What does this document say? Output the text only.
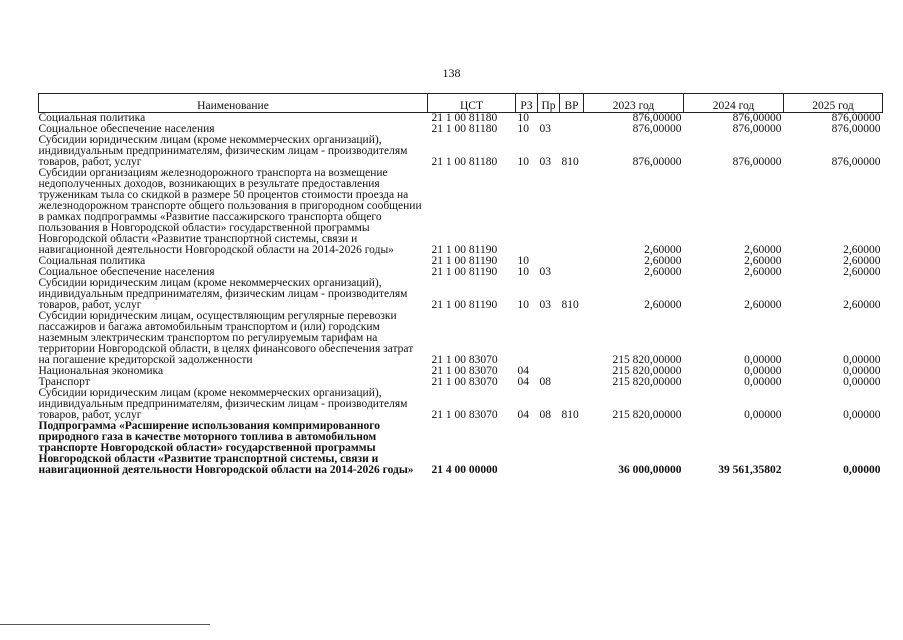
138
Наименование	ЦСТ	РЗ	Пр	ВР	2023 год	2024 год	2025 год
Социальная политика	21 1 00 81180	10			876,00000	876,00000	876,00000
Социальное обеспечение населения	21 1 00 81180	10	03		876,00000	876,00000	876,00000
Субсидии юридическим лицам (кроме некоммерческих организаций), индивидуальным предпринимателям, физическим лицам - производителям товаров, работ, услуг	21 1 00 81180	10	03	810	876,00000	876,00000	876,00000
Субсидии организациям железнодорожного транспорта на возмещение недополученных доходов, возникающих в результате предоставления труженикам тыла со скидкой в размере 50 процентов стоимости проезда на железнодорожном транспорте общего пользования в пригородном сообщении в рамках подпрограммы «Развитие пассажирского транспорта общего пользования в Новгородской области» государственной программы Новгородской области «Развитие транспортной системы, связи и навигационной деятельности Новгородской области на 2014-2026 годы»	21 1 00 81190				2,60000	2,60000	2,60000
Социальная политика	21 1 00 81190	10			2,60000	2,60000	2,60000
Социальное обеспечение населения	21 1 00 81190	10	03		2,60000	2,60000	2,60000
Субсидии юридическим лицам (кроме некоммерческих организаций), индивидуальным предпринимателям, физическим лицам - производителям товаров, работ, услуг	21 1 00 81190	10	03	810	2,60000	2,60000	2,60000
Субсидии юридическим лицам, осуществляющим регулярные перевозки пассажиров и багажа автомобильным транспортом и (или) городским наземным электрическим транспортом по регулируемым тарифам на территории Новгородской области, в целях финансового обеспечения затрат на погашение кредиторской задолженности	21 1 00 83070				215 820,00000	0,00000	0,00000
Национальная экономика	21 1 00 83070	04			215 820,00000	0,00000	0,00000
Транспорт	21 1 00 83070	04	08		215 820,00000	0,00000	0,00000
Субсидии юридическим лицам (кроме некоммерческих организаций), индивидуальным предпринимателям, физическим лицам - производителям товаров, работ, услуг	21 1 00 83070	04	08	810	215 820,00000	0,00000	0,00000
Подпрограмма «Расширение использования компримированного природного газа в качестве моторного топлива в автомобильном транспорте Новгородской области» государственной программы Новгородской области «Развитие транспортной системы, связи и навигационной деятельности Новгородской области на 2014-2026 годы»	21 4 00 00000				36 000,00000	39 561,35802	0,00000
